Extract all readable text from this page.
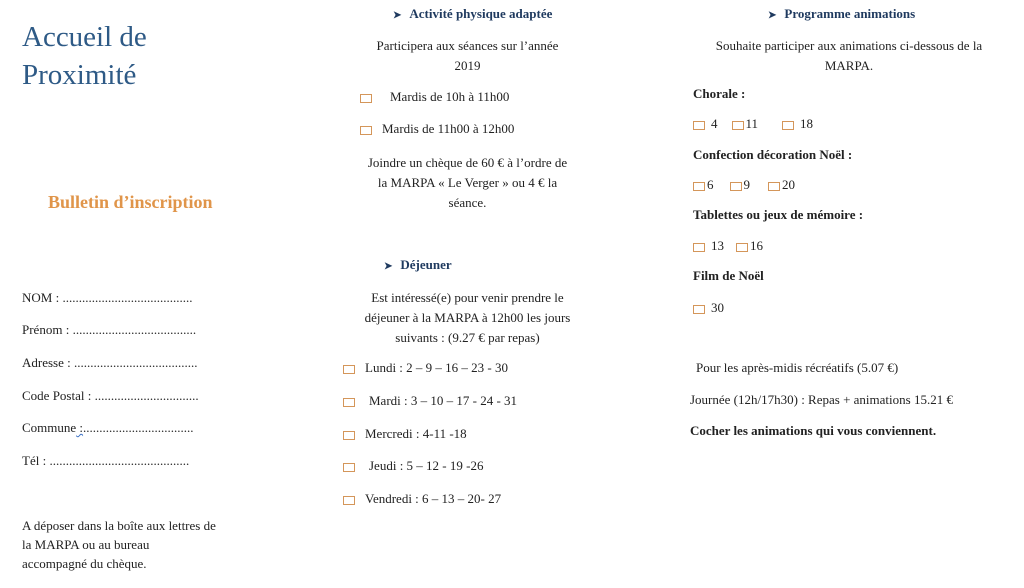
Accueil de
Proximité
Bulletin d’inscription
NOM : ........................................
Prénom : ......................................
Adresse : ......................................
Code Postal : ................................
Commune :..................................
Tél : ...........................................
A déposer dans la boîte aux lettres de
la MARPA ou au bureau
accompagné du chèque.
➤ Activité physique adaptée
Participera aux séances sur l’année
2019
Mardis de 10h à 11h00
Mardis de 11h00 à 12h00
Joindre un chèque de 60 € à l’ordre de
la MARPA « Le Verger » ou 4 € la
séance.
➤ Déjeuner
Est intéressé(e) pour venir prendre le
déjeuner à la MARPA à 12h00 les jours
suivants : (9.27 € par repas)
Lundi : 2 – 9 – 16 – 23 - 30
Mardi : 3 – 10 – 17 - 24 - 31
Mercredi : 4-11 -18
Jeudi : 5 – 12 - 19 -26
Vendredi : 6 – 13 – 20- 27
➤ Programme animations
Souhaite participer aux animations ci-dessous de la
MARPA.
Chorale :
4 11	18
Confection décoration Noël :
6 9 20
Tablettes ou jeux de mémoire :
13 16
Film de Noël
30
Pour les après-midis récréatifs (5.07 €)
Journée (12h/17h30) : Repas + animations 15.21 €
Cocher les animations qui vous conviennent.
